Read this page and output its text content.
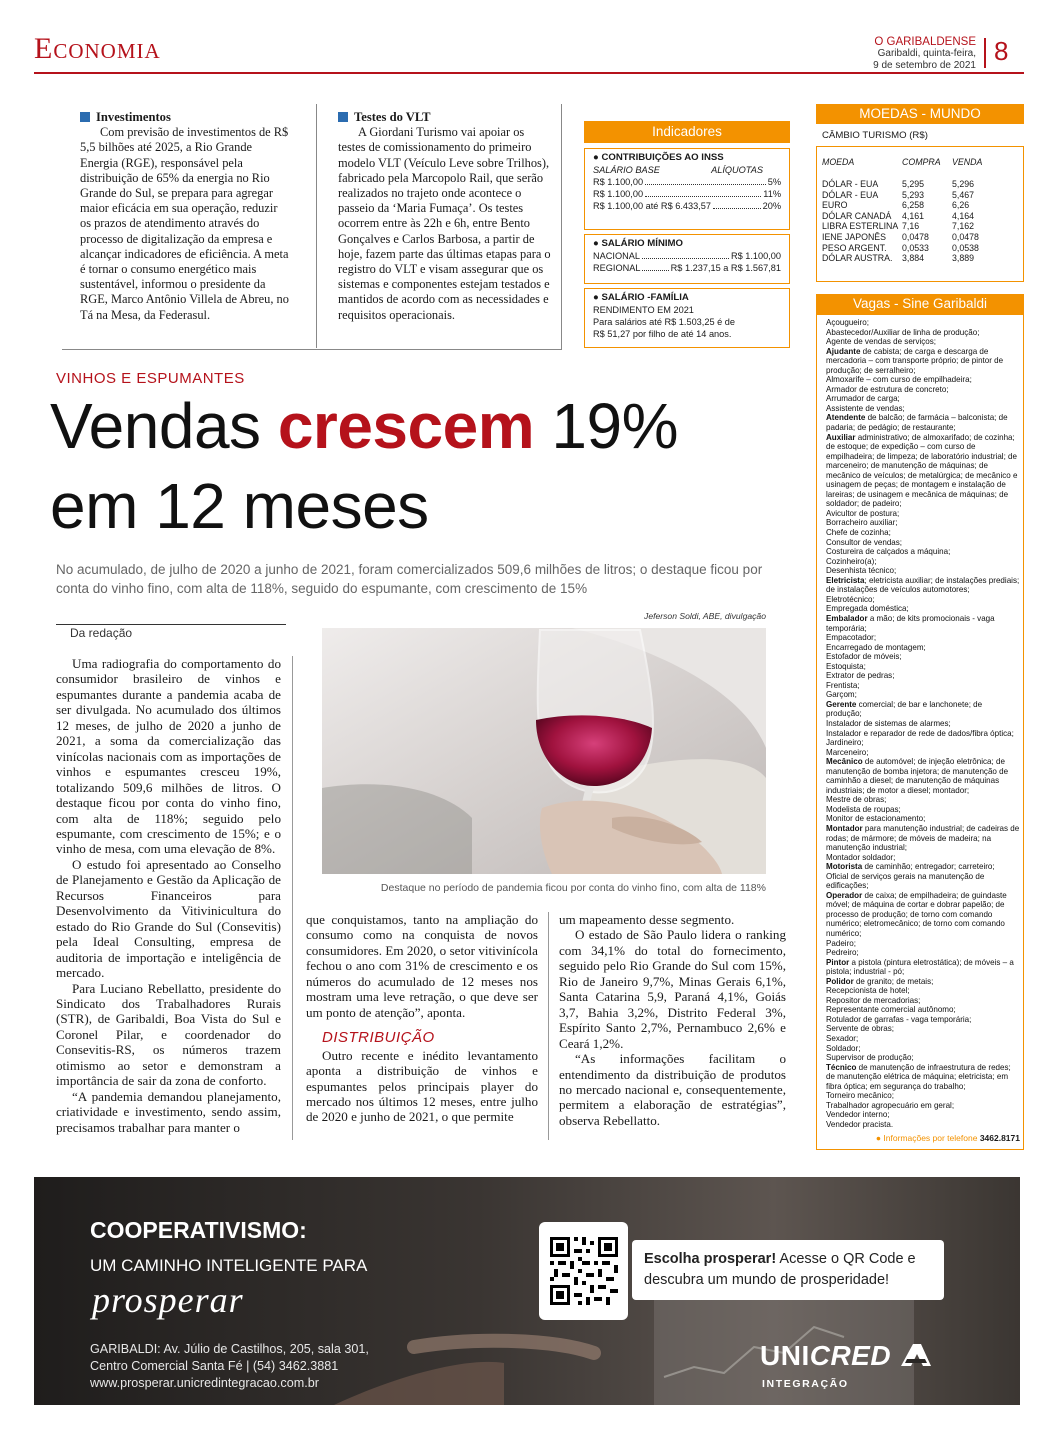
Economia	O GARIBALDENSE
Garibaldi, quinta-feira,
9 de setembro de 2021 8
Investimentos
Com previsão de investimentos de R$ 5,5 bilhões até 2025, a Rio Grande Energia (RGE), responsável pela distribuição de 65% da energia no Rio Grande do Sul, se prepara para agregar maior eficácia em sua operação, reduzir os prazos de atendimento através do processo de digitalização da empresa e alcançar indicadores de eficiência. A meta é tornar o consumo energético mais sustentável, informou o presidente da RGE, Marco Antônio Villela de Abreu, no Tá na Mesa, da Federasul.
Testes do VLT
A Giordani Turismo vai apoiar os testes de comissionamento do primeiro modelo VLT (Veículo Leve sobre Trilhos), fabricado pela Marcopolo Rail, que serão realizados no trajeto onde acontece o passeio da ‘Maria Fumaça’. Os testes ocorrem entre às 22h e 6h, entre Bento Gonçalves e Carlos Barbosa, a partir de hoje, fazem parte das últimas etapas para o registro do VLT e visam assegurar que os sistemas e componentes estejam testados e mantidos de acordo com as necessidades e requisitos operacionais.
Indicadores
● CONTRIBUIÇÕES AO INSS
SALÁRIO BASE	ALÍQUOTAS
R$ 1.100,00	5%
R$ 1.100,00	11%
R$ 1.100,00 até R$ 6.433,57	20%
● SALÁRIO MÍNIMO
NACIONAL	R$ 1.100,00
REGIONAL	R$ 1.237,15 a R$ 1.567,81
● SALÁRIO -FAMÍLIA
RENDIMENTO EM 2021
Para salários até R$ 1.503,25 é de
R$ 51,27 por filho de até 14 anos.
MOEDAS - MUNDO
CÂMBIO TURISMO (R$)
MOEDA	COMPRA	VENDA
DÓLAR - EUA	5,295	5,296
DÓLAR - EUA	5,293	5,467
EURO	6,258	6,26
DÓLAR CANADÁ	4,161	4,164
LIBRA ESTERLINA	7,16	7,162
IENE JAPONÊS	0,0478	0,0478
PESO ARGENT.	0,0533	0,0538
DÓLAR AUSTRA.	3,884	3,889
Vagas - Sine Garibaldi
Açougueiro;
Abastecedor/Auxiliar de linha de produção;
Agente de vendas de serviços;
Ajudante de cabista; de carga e descarga de mercadoria – com transporte próprio; de pintor de produção; de serralheiro;
Almoxarife – com curso de empilhadeira;
Armador de estrutura de concreto;
Arrumador de carga;
Assistente de vendas;
Atendente de balcão; de farmácia – balconista; de padaria; de pedágio; de restaurante;
Auxiliar administrativo; de almoxarifado; de cozinha; de estoque; de expedição – com curso de empilhadeira; de limpeza; de laboratório industrial; de marceneiro; de manutenção de máquinas; de mecânico de veículos; de metalúrgica; de mecânico e usinagem de peças; de montagem e instalação de lareiras; de usinagem e mecânica de máquinas; de soldador; de padeiro;
Avicultor de postura;
Borracheiro auxiliar;
Chefe de cozinha;
Consultor de vendas;
Costureira de calçados a máquina;
Cozinheiro(a);
Desenhista técnico;
Eletricista; eletricista auxiliar; de instalações prediais; de instalações de veículos automotores;
Eletrotécnico;
Empregada doméstica;
Embalador a mão; de kits promocionais - vaga temporária;
Empacotador;
Encarregado de montagem;
Estofador de móveis;
Estoquista;
Extrator de pedras;
Frentista;
Garçom;
Gerente comercial; de bar e lanchonete; de produção;
Instalador de sistemas de alarmes;
Instalador e reparador de rede de dados/fibra óptica;
Jardineiro;
Marceneiro;
Mecânico de automóvel; de injeção eletrônica; de manutenção de bomba injetora; de manutenção de caminhão a diesel; de manutenção de máquinas industriais; de motor a diesel; montador;
Mestre de obras;
Modelista de roupas;
Monitor de estacionamento;
Montador para manutenção industrial; de cadeiras de rodas; de mármore; de móveis de madeira; na manutenção industrial;
Montador soldador;
Motorista de caminhão; entregador; carreteiro;
Oficial de serviços gerais na manutenção de edificações;
Operador de caixa; de empilhadeira; de guindaste móvel; de máquina de cortar e dobrar papelão; de processo de produção; de torno com comando numérico; eletromecânico; de torno com comando numérico;
Padeiro;
Pedreiro;
Pintor a pistola (pintura eletrostática); de móveis – a pistola; industrial - pó;
Polidor de granito; de metais;
Recepcionista de hotel;
Repositor de mercadorias;
Representante comercial autônomo;
Rotulador de garrafas - vaga temporária;
Servente de obras;
Sexador;
Soldador;
Supervisor de produção;
Técnico de manutenção de infraestrutura de redes; de manutenção elétrica de máquina; eletricista; em fibra óptica; em segurança do trabalho;
Torneiro mecânico;
Trabalhador agropecuário em geral;
Vendedor interno;
Vendedor pracista.
● Informações por telefone 3462.8171
VINHOS E ESPUMANTES
Vendas crescem 19%
em 12 meses
No acumulado, de julho de 2020 a junho de 2021, foram comercializados 509,6 milhões de litros; o destaque ficou por conta do vinho fino, com alta de 118%, seguido do espumante, com crescimento de 15%
Jeferson Soldi, ABE, divulgação
Da redação

Uma radiografia do comportamento do consumidor brasileiro de vinhos e espumantes durante a pandemia acaba de ser divulgada. No acumulado dos últimos 12 meses, de julho de 2020 a junho de 2021, a soma da comercialização das vinícolas nacionais com as importações de vinhos e espumantes cresceu 19%, totalizando 509,6 milhões de litros. O destaque ficou por conta do vinho fino, com alta de 118%; seguido pelo espumante, com crescimento de 15%; e o vinho de mesa, com uma elevação de 8%.

O estudo foi apresentado ao Conselho de Planejamento e Gestão da Aplicação de Recursos Financeiros para Desenvolvimento da Vitivinicultura do estado do Rio Grande do Sul (Consevitis) pela Ideal Consulting, empresa de auditoria de importação e inteligência de mercado.

Para Luciano Rebellatto, presidente do Sindicato dos Trabalhadores Rurais (STR), de Garibaldi, Boa Vista do Sul e Coronel Pilar, e coordenador do Consevitis-RS, os números trazem otimismo ao setor e demonstram a importância de sair da zona de conforto.

“A pandemia demandou planejamento, criatividade e investimento, sendo assim, precisamos trabalhar para manter o

Destaque no período de pandemia ficou por conta do vinho fino, com alta de 118%

que conquistamos, tanto na ampliação do consumo como na conquista de novos consumidores. Em 2020, o setor vitivinícola fechou o ano com 31% de crescimento e os números do acumulado de 12 meses nos mostram uma leve retração, o que deve ser um ponto de atenção”, aponta.

DISTRIBUIÇÃO

Outro recente e inédito levantamento aponta a distribuição de vinhos e espumantes pelos principais player do mercado nos últimos 12 meses, entre julho de 2020 e junho de 2021, o que permite

um mapeamento desse segmento.

O estado de São Paulo lidera o ranking com 34,1% do total do fornecimento, seguido pelo Rio Grande do Sul com 15%, Rio de Janeiro 9,7%, Minas Gerais 6,1%, Santa Catarina 5,9, Paraná 4,1%, Goiás 3,7, Bahia 3,2%, Distrito Federal 3%, Espírito Santo 2,7%, Pernambuco 2,6% e Ceará 1,2%.

“As informações facilitam o entendimento da distribuição de produtos no mercado nacional e, consequentemente, permitem a elaboração de estratégias”, observa Rebellatto.

COOPERATIVISMO:
UM CAMINHO INTELIGENTE PARA
prosperar
GARIBALDI: Av. Júlio de Castilhos, 205, sala 301,
Centro Comercial Santa Fé | (54) 3462.3881
www.prosperar.unicredintegracao.com.br
Escolha prosperar! Acesse o QR Code e
descubra um mundo de prosperidade!
UNICRED
INTEGRAÇÃO
